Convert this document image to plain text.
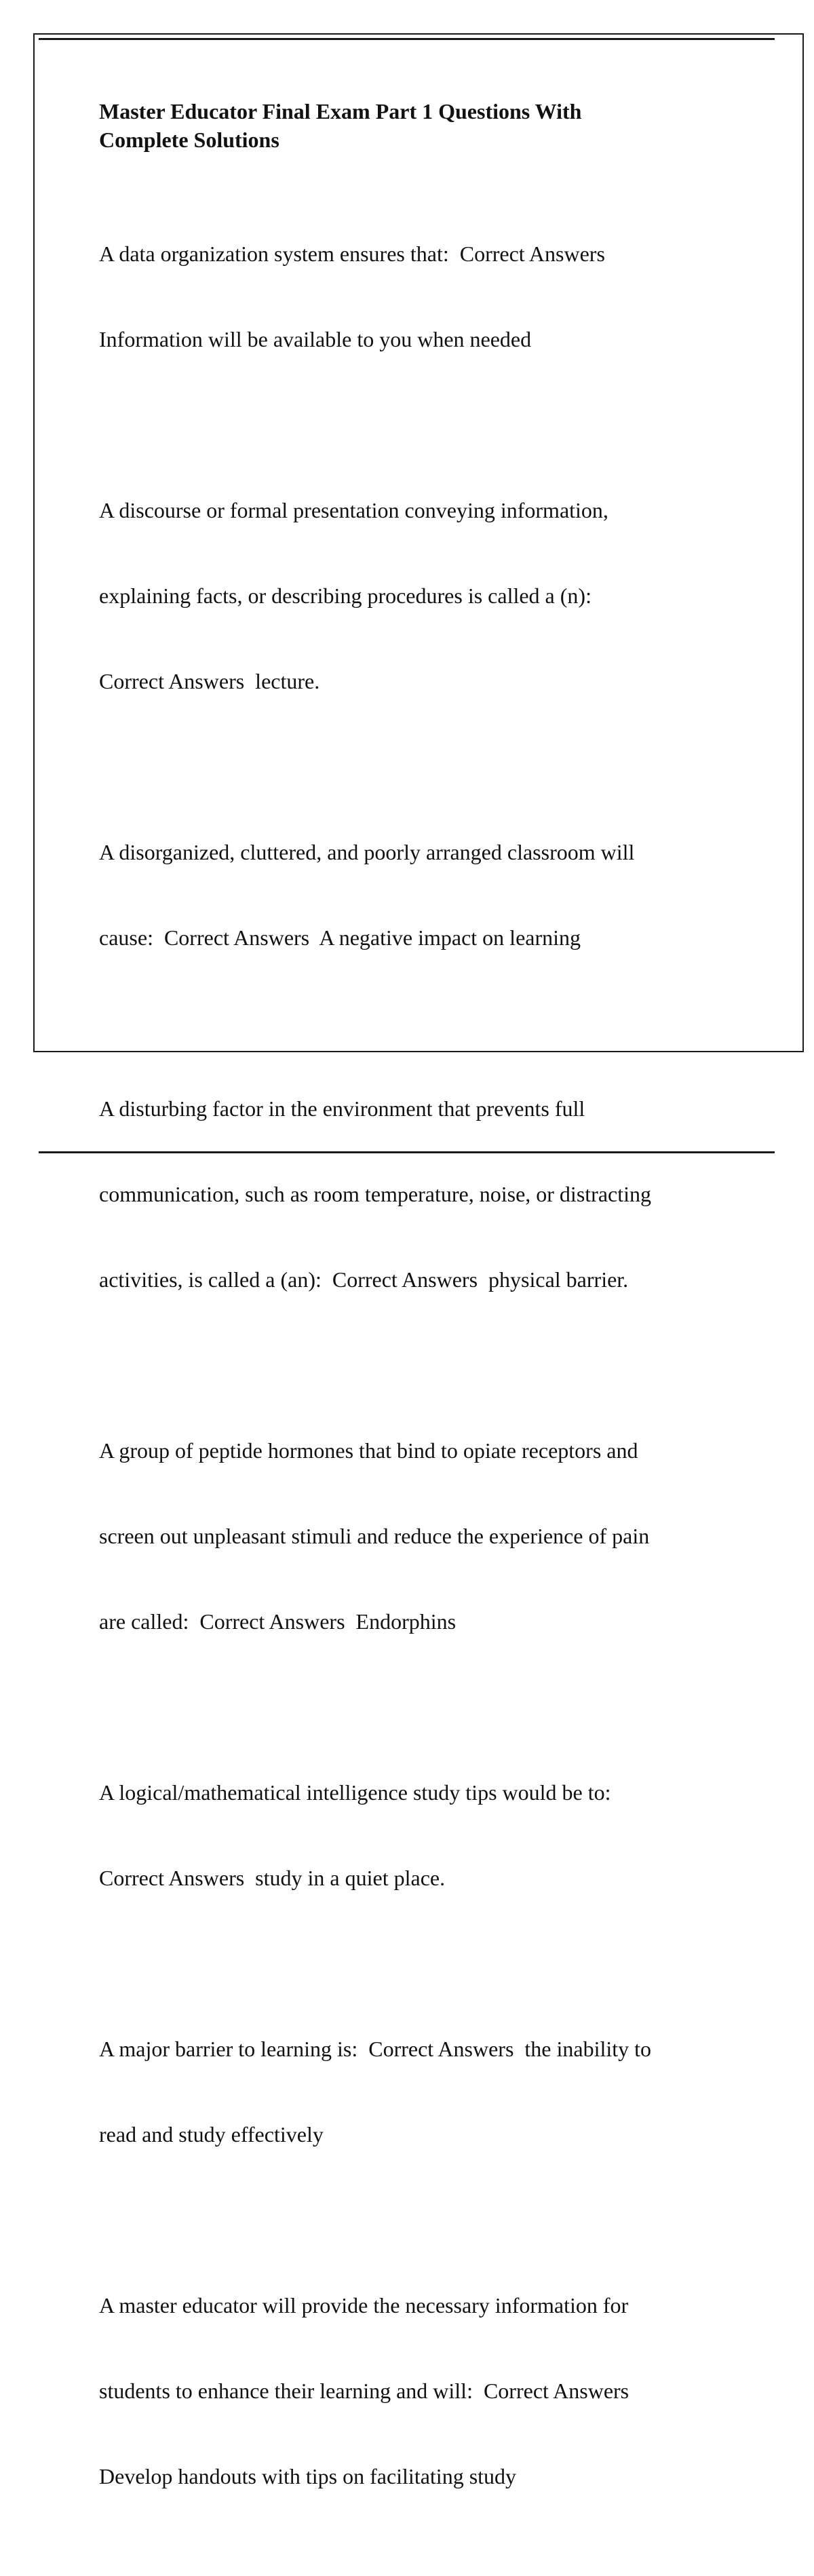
Master Educator Final Exam Part 1 Questions With
Complete Solutions

A data organization system ensures that:  Correct Answers

Information will be available to you when needed

A discourse or formal presentation conveying information,

explaining facts, or describing procedures is called a (n):

Correct Answers  lecture.

A disorganized, cluttered, and poorly arranged classroom will

cause:  Correct Answers  A negative impact on learning

A disturbing factor in the environment that prevents full

communication, such as room temperature, noise, or distracting

activities, is called a (an):  Correct Answers  physical barrier.

A group of peptide hormones that bind to opiate receptors and

screen out unpleasant stimuli and reduce the experience of pain

are called:  Correct Answers  Endorphins

A logical/mathematical intelligence study tips would be to:

Correct Answers  study in a quiet place.

A major barrier to learning is:  Correct Answers  the inability to

read and study effectively

A master educator will provide the necessary information for

students to enhance their learning and will:  Correct Answers

Develop handouts with tips on facilitating study
